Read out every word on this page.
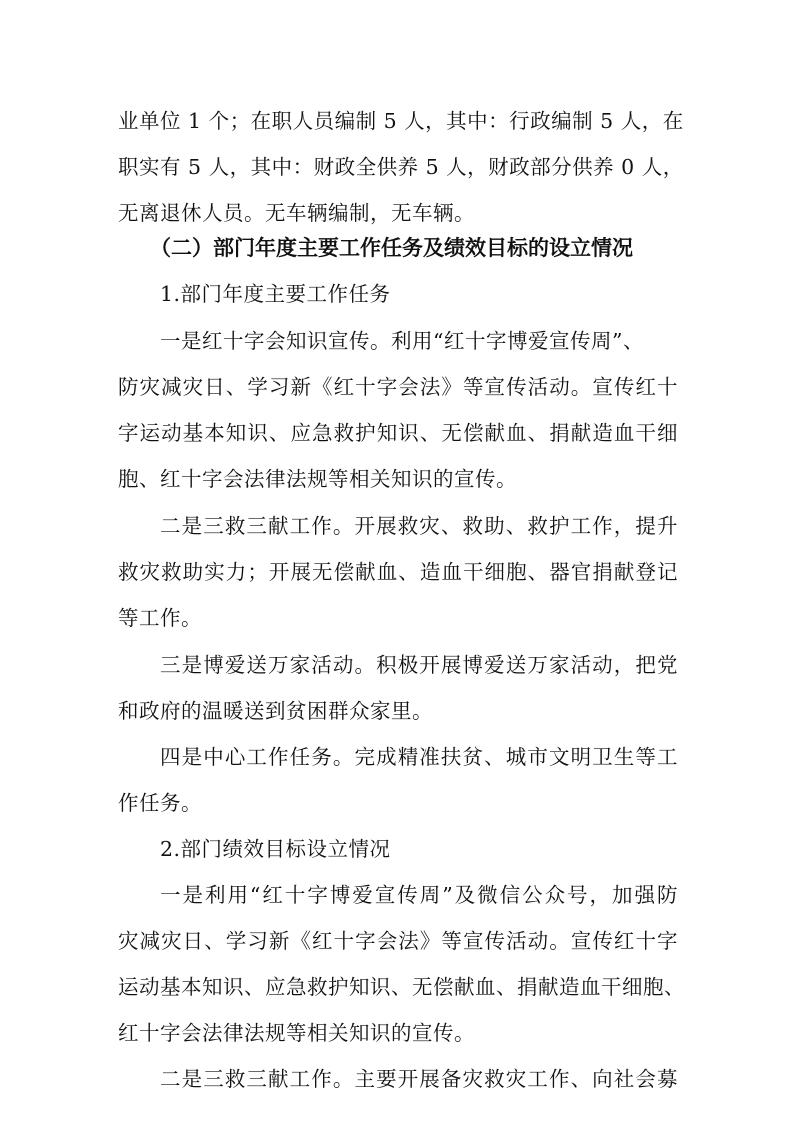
业单位 1 个；在职人员编制 5 人，其中：行政编制 5 人，在
职实有 5 人，其中：财政全供养 5 人，财政部分供养 0 人，
无离退休人员。无车辆编制，无车辆。
（二）部门年度主要工作任务及绩效目标的设立情况
1.部门年度主要工作任务
一是红十字会知识宣传。利用“红十字博爱宣传周”、
防灾减灾日、学习新《红十字会法》等宣传活动。宣传红十
字运动基本知识、应急救护知识、无偿献血、捐献造血干细
胞、红十字会法律法规等相关知识的宣传。
二是三救三献工作。开展救灾、救助、救护工作，提升
救灾救助实力；开展无偿献血、造血干细胞、器官捐献登记
等工作。
三是博爱送万家活动。积极开展博爱送万家活动，把党
和政府的温暖送到贫困群众家里。
四是中心工作任务。完成精准扶贫、城市文明卫生等工
作任务。
2.部门绩效目标设立情况
一是利用“红十字博爱宣传周”及微信公众号，加强防
灾减灾日、学习新《红十字会法》等宣传活动。宣传红十字
运动基本知识、应急救护知识、无偿献血、捐献造血干细胞、
红十字会法律法规等相关知识的宣传。
二是三救三献工作。主要开展备灾救灾工作、向社会募
